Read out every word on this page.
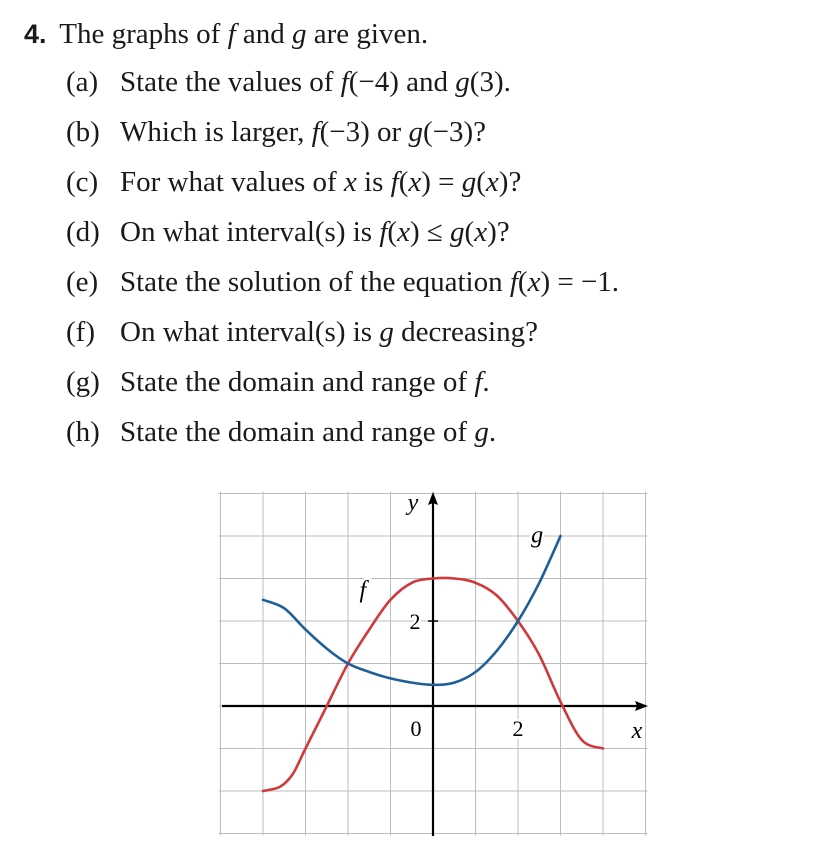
4. The graphs of f and g are given.
(a) State the values of f(−4) and g(3).
(b) Which is larger, f(−3) or g(−3)?
(c) For what values of x is f(x) = g(x)?
(d) On what interval(s) is f(x) ≤ g(x)?
(e) State the solution of the equation f(x) = −1.
(f) On what interval(s) is g decreasing?
(g) State the domain and range of f.
(h) State the domain and range of g.
y
x
0	2
2
f
g
